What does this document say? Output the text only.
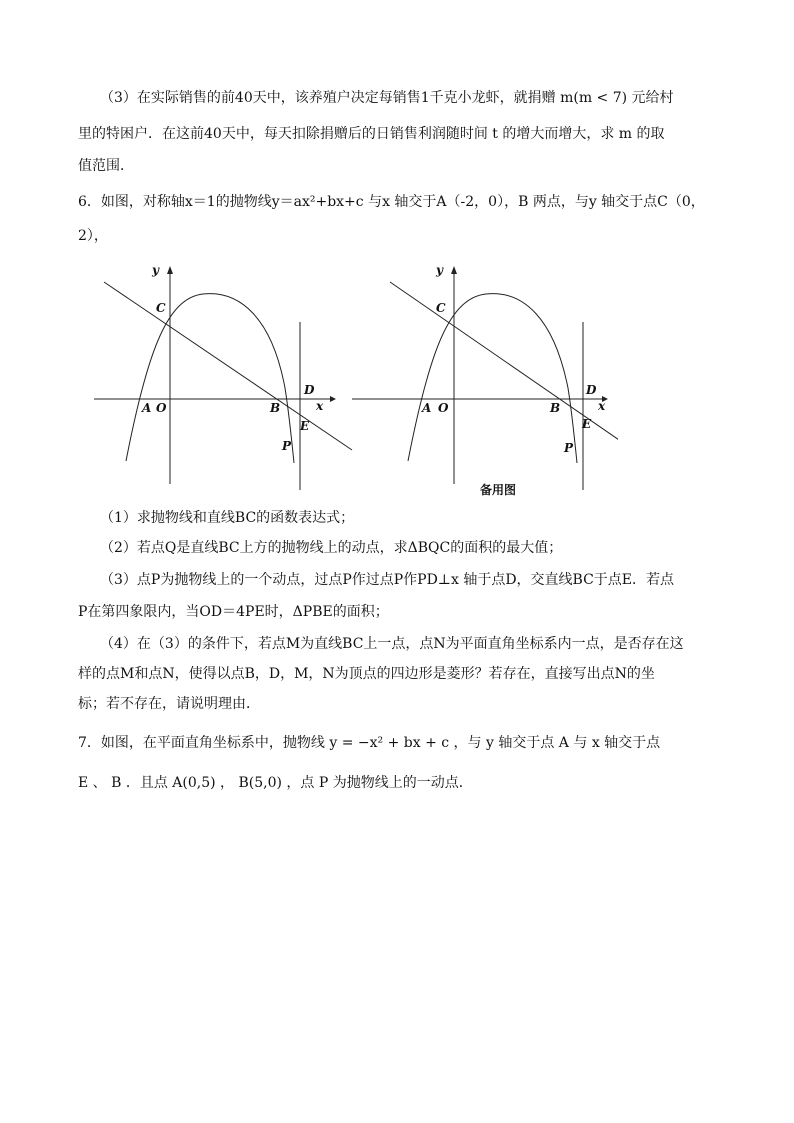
（3）在实际销售的前40天中，该养殖户决定每销售1千克小龙虾，就捐赠 m(m < 7) 元给村
里的特困户．在这前40天中，每天扣除捐赠后的日销售利润随时间 t 的增大而增大，求 m 的取
值范围．
6．如图，对称轴x＝1的抛物线y＝ax²+bx+c 与x 轴交于A（-2，0），B 两点，与y 轴交于点C（0，
2），
y
C
A O	B
D
x
E
P
y
C
A O	B
D
x
E
P
备用图
（1）求抛物线和直线BC的函数表达式；
（2）若点Q是直线BC上方的抛物线上的动点，求ΔBQC的面积的最大值；
（3）点P为抛物线上的一个动点，过点P作过点P作PD⊥x 轴于点D，交直线BC于点E．若点
P在第四象限内，当OD＝4PE时，ΔPBE的面积；
（4）在（3）的条件下，若点M为直线BC上一点，点N为平面直角坐标系内一点，是否存在这
样的点M和点N，使得以点B，D，M，N为顶点的四边形是菱形？若存在，直接写出点N的坐
标；若不存在，请说明理由．
7．如图，在平面直角坐标系中，抛物线 y = −x² + bx + c ，与 y 轴交于点 A 与 x 轴交于点
E 、 B ．且点 A(0,5) ， B(5,0) ，点 P 为抛物线上的一动点．
